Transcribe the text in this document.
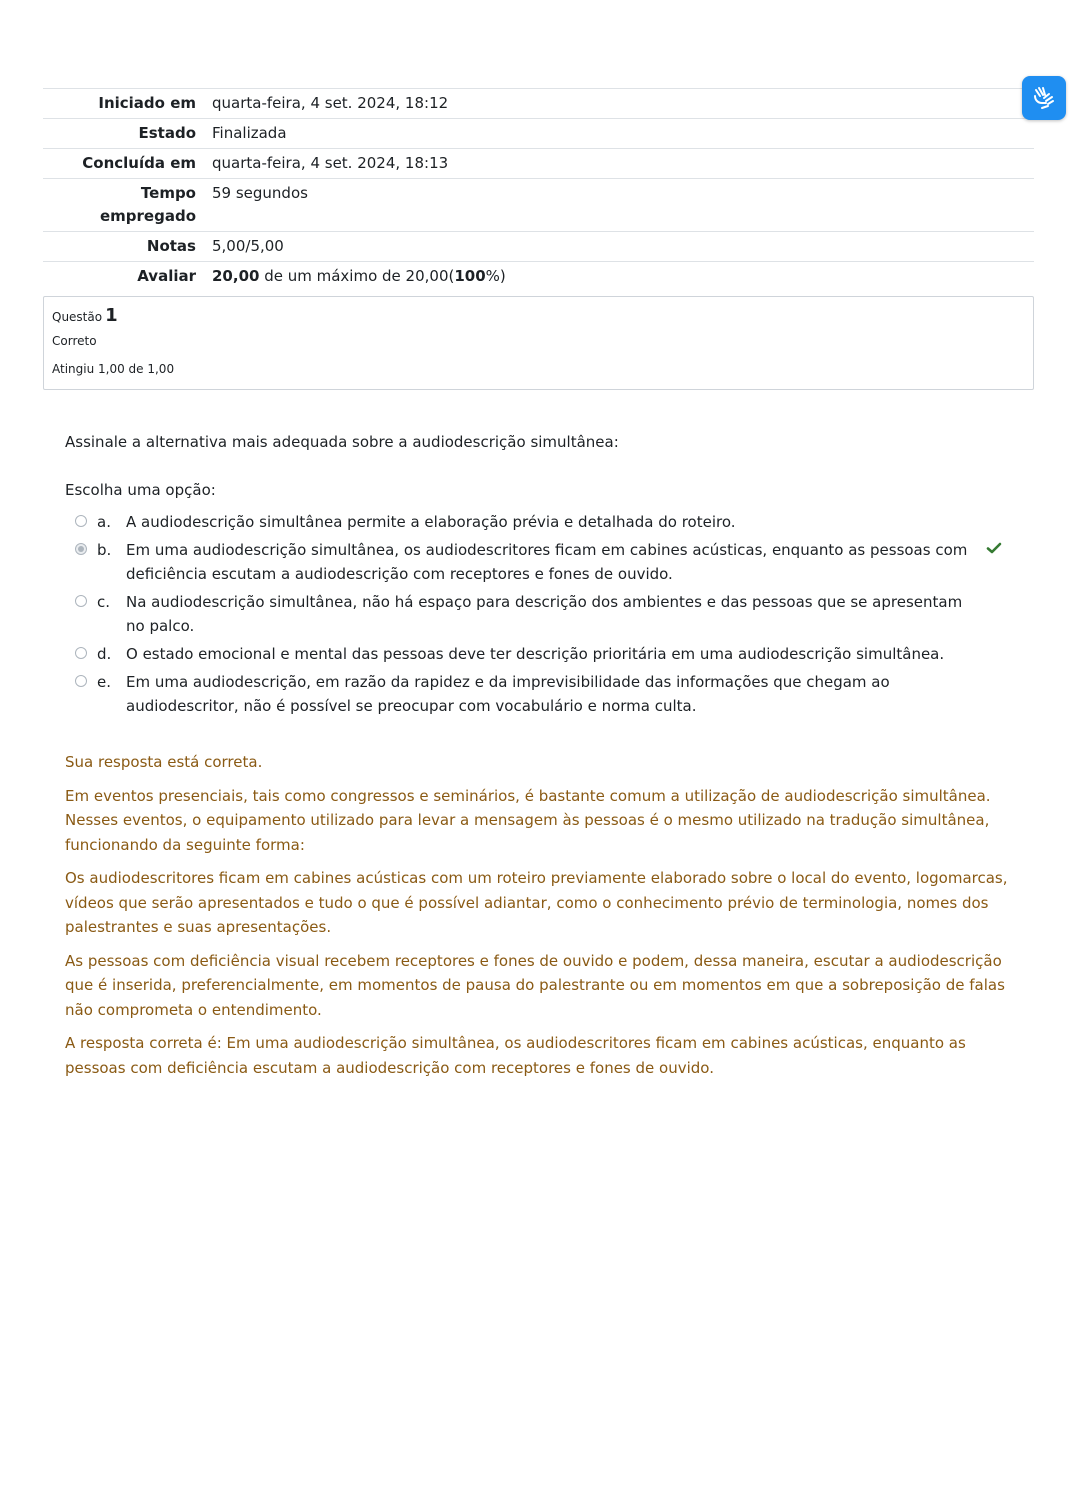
Iniciado em	quarta-feira, 4 set. 2024, 18:12
Estado	Finalizada
Concluída em	quarta-feira, 4 set. 2024, 18:13
Tempo empregado	59 segundos
Notas	5,00/5,00
Avaliar	20,00 de um máximo de 20,00(100%)
Questão 1
Correto
Atingiu 1,00 de 1,00
Assinale a alternativa mais adequada sobre a audiodescrição simultânea:
Escolha uma opção:
a. A audiodescrição simultânea permite a elaboração prévia e detalhada do roteiro.
b. Em uma audiodescrição simultânea, os audiodescritores ficam em cabines acústicas, enquanto as pessoas com deficiência escutam a audiodescrição com receptores e fones de ouvido.
c. Na audiodescrição simultânea, não há espaço para descrição dos ambientes e das pessoas que se apresentam no palco.
d. O estado emocional e mental das pessoas deve ter descrição prioritária em uma audiodescrição simultânea.
e. Em uma audiodescrição, em razão da rapidez e da imprevisibilidade das informações que chegam ao audiodescritor, não é possível se preocupar com vocabulário e norma culta.

Sua resposta está correta.

Em eventos presenciais, tais como congressos e seminários, é bastante comum a utilização de audiodescrição simultânea. Nesses eventos, o equipamento utilizado para levar a mensagem às pessoas é o mesmo utilizado na tradução simultânea, funcionando da seguinte forma:

Os audiodescritores ficam em cabines acústicas com um roteiro previamente elaborado sobre o local do evento, logomarcas, vídeos que serão apresentados e tudo o que é possível adiantar, como o conhecimento prévio de terminologia, nomes dos palestrantes e suas apresentações.

As pessoas com deficiência visual recebem receptores e fones de ouvido e podem, dessa maneira, escutar a audiodescrição que é inserida, preferencialmente, em momentos de pausa do palestrante ou em momentos em que a sobreposição de falas não comprometa o entendimento.

A resposta correta é: Em uma audiodescrição simultânea, os audiodescritores ficam em cabines acústicas, enquanto as pessoas com deficiência escutam a audiodescrição com receptores e fones de ouvido.
